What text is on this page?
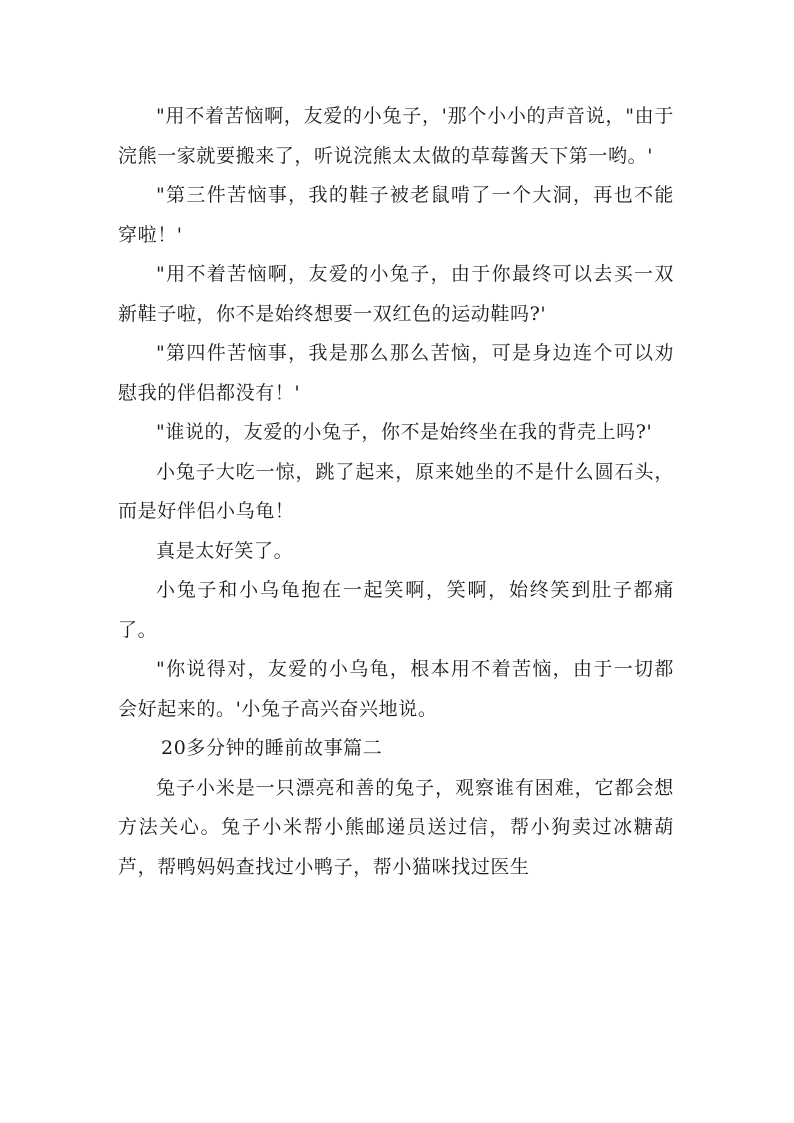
"用不着苦恼啊，友爱的小兔子，'那个小小的声音说，"由于浣熊一家就要搬来了，听说浣熊太太做的草莓酱天下第一哟。'

"第三件苦恼事，我的鞋子被老鼠啃了一个大洞，再也不能穿啦！'

"用不着苦恼啊，友爱的小兔子，由于你最终可以去买一双新鞋子啦，你不是始终想要一双红色的运动鞋吗?'

"第四件苦恼事，我是那么那么苦恼，可是身边连个可以劝慰我的伴侣都没有！'

"谁说的，友爱的小兔子，你不是始终坐在我的背壳上吗?'

小兔子大吃一惊，跳了起来，原来她坐的不是什么圆石头，而是好伴侣小乌龟！

真是太好笑了。

小兔子和小乌龟抱在一起笑啊，笑啊，始终笑到肚子都痛了。

"你说得对，友爱的小乌龟，根本用不着苦恼，由于一切都会好起来的。'小兔子高兴奋兴地说。

20多分钟的睡前故事篇二

兔子小米是一只漂亮和善的兔子，观察谁有困难，它都会想方法关心。兔子小米帮小熊邮递员送过信，帮小狗卖过冰糖葫芦，帮鸭妈妈查找过小鸭子，帮小猫咪找过医生
